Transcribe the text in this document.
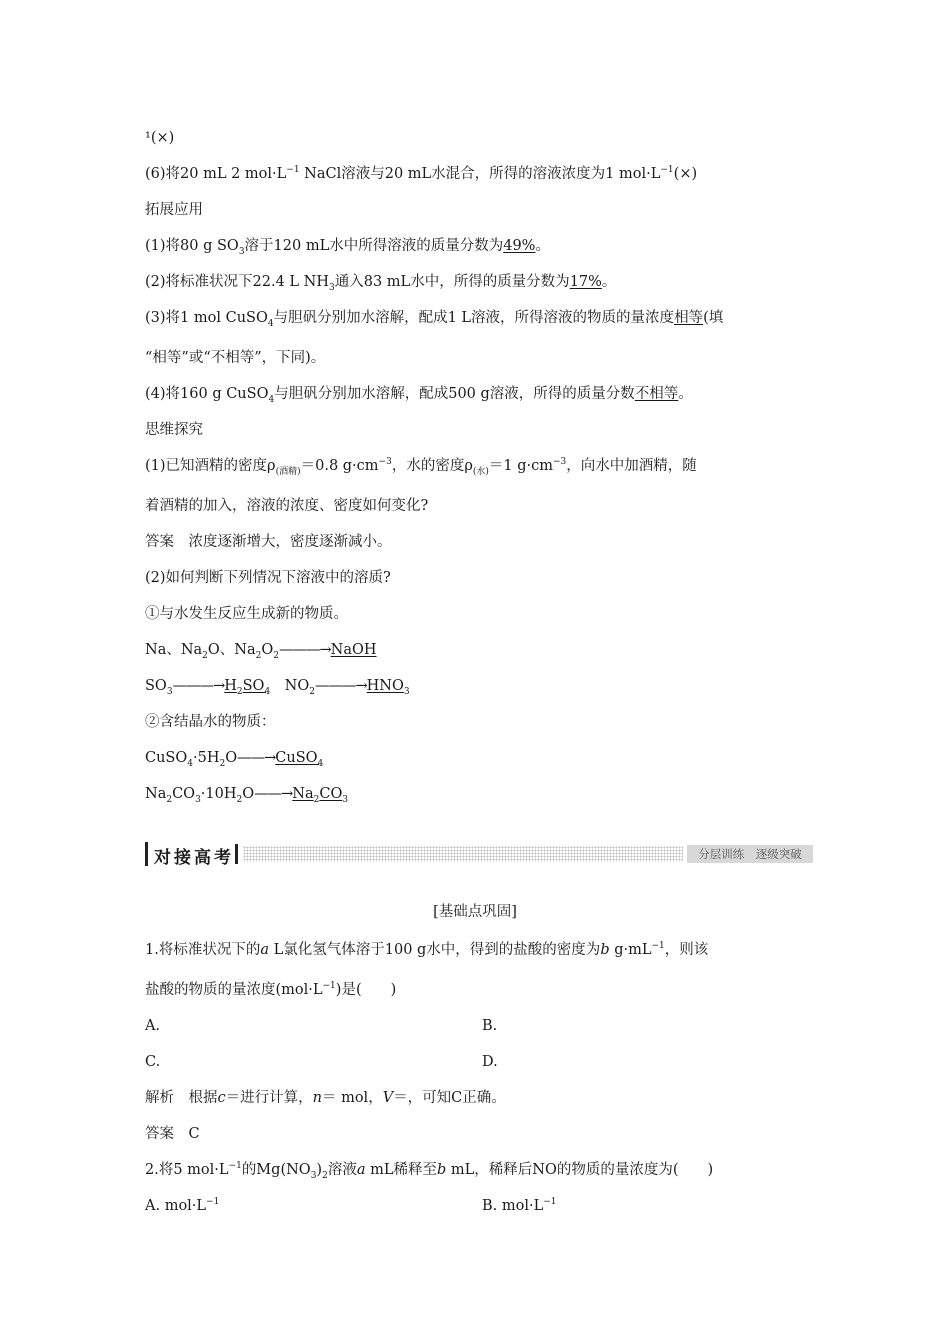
¹(×)
(6)将20 mL 2 $mol\cdot L^{-1}$ NaCl溶液与20 mL水混合，所得的溶液浓度为1 $mol\cdot L^{-1}(\times)$
拓展应用
(1)将80 g $SO_3$溶于120 mL水中所得溶液的质量分数为49%。
(2)将标准状况下22.4 L $NH_3$通入83 mL水中，所得的质量分数为17%。
(3)将1 mol CuSO$_4$与胆矾分别加水溶解，配成1 L溶液，所得溶液的物质的量浓度相等(填
“相等”或“不相等”，下同)。
(4)将160 g CuSO$_4$与胆矾分别加水溶解，配成500 g溶液，所得的质量分数不相等。
思维探究
(1)已知酒精的密度$\rho_{(酒精)}=0.8$ $g\cdot cm^{-3}$，水的密度$\rho_{(水)}=1$ $g\cdot cm^{-3}$，向水中加酒精，随
着酒精的加入，溶液的浓度、密度如何变化?
答案　浓度逐渐增大，密度逐渐减小。
(2)如何判断下列情况下溶液中的溶质?
①与水发生反应生成新的物质。
Na、$Na_2O$、$Na_2O_2———\to NaOH$
$SO_3———\to H_2SO_4$　$NO_2———\to HNO_3$
②含结晶水的物质：
$CuSO_4\cdot 5H_2O——\to CuSO_4$
$Na_2CO_3\cdot 10H_2O——\to Na_2CO_3$
对接高考	分层训练　逐级突破
[基础点巩固]
1.将标准状况下的a L氯化氢气体溶于100 g水中，得到的盐酸的密度为b $g\cdot mL^{-1}$，则该
盐酸的物质的量浓度$(mol\cdot L^{-1})$是(　　)
A.	B.
C.	D.
解析　根据c＝进行计算，n＝ mol，V＝，可知C正确。
答案　C
2.将5 $mol\cdot L^{-1}$的$Mg(NO_3)_2$溶液a mL稀释至b mL，稀释后NO的物质的量浓度为(　　)
A. $mol\cdot L^{-1}$	B. $mol\cdot L^{-1}$
